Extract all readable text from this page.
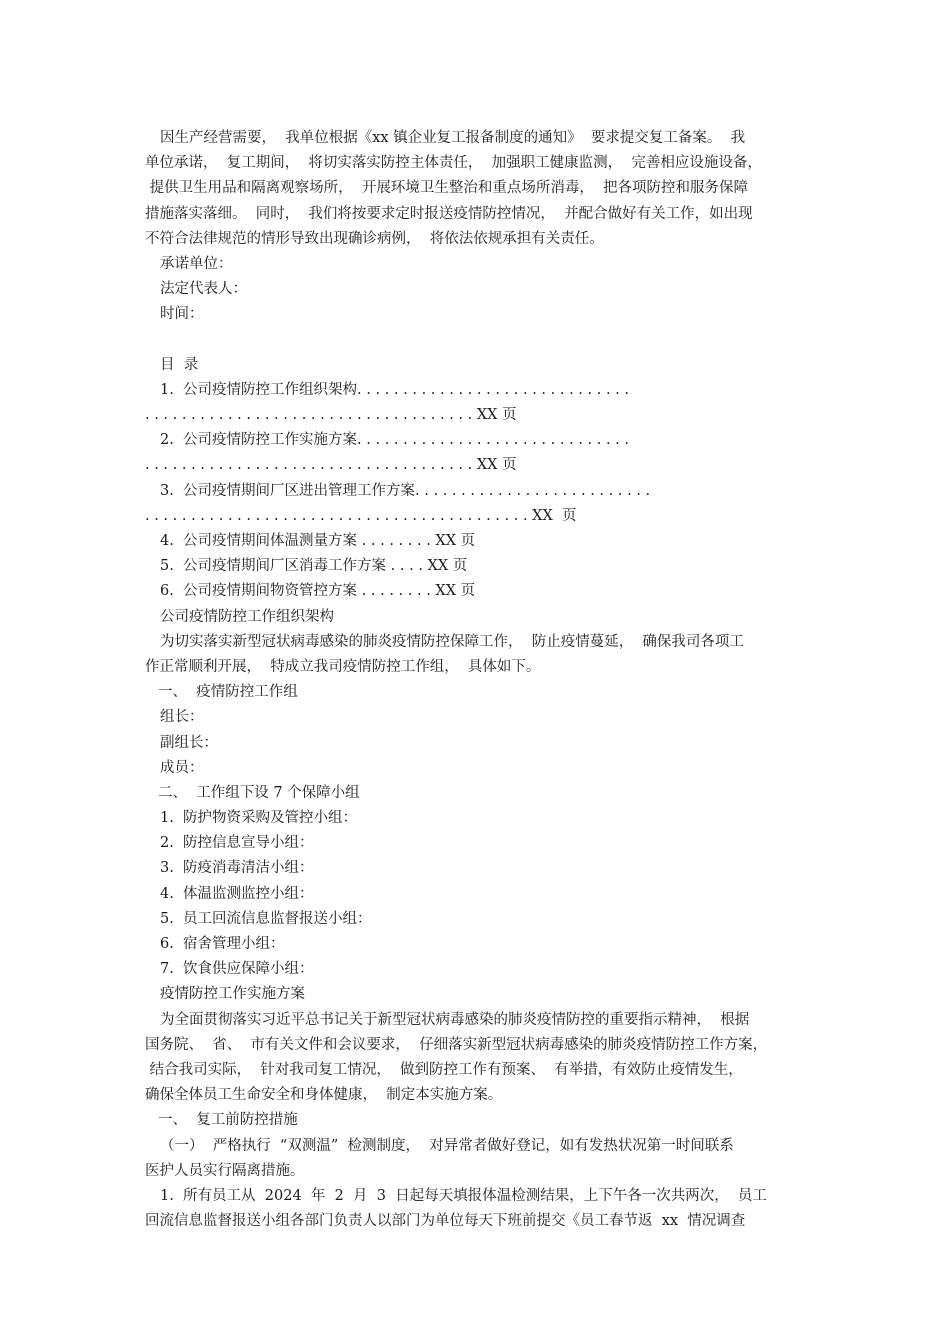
因生产经营需要，  我单位根据《xx 镇企业复工报备制度的通知》  要求提交复工备案。  我
单位承诺，  复工期间，  将切实落实防控主体责任，  加强职工健康监测，  完善相应设施设备，
提供卫生用品和隔离观察场所，  开展环境卫生整治和重点场所消毒，  把各项防控和服务保障
措施落实落细。  同时，  我们将按要求定时报送疫情防控情况，  并配合做好有关工作，如出现
不符合法律规范的情形导致出现确诊病例，  将依法依规承担有关责任。
承诺单位：
法定代表人：
时间：
目  录
1.  公司疫情防控工作组织架构. . . . . . . . . . . . . . . . . . . . . . . . . . . . . .
. . . . . . . . . . . . . . . . . . . . . . . . . . . . . . . . . . . . XX 页
2.  公司疫情防控工作实施方案. . . . . . . . . . . . . . . . . . . . . . . . . . . . . .
. . . . . . . . . . . . . . . . . . . . . . . . . . . . . . . . . . . . XX 页
3.  公司疫情期间厂区进出管理工作方案. . . . . . . . . . . . . . . . . . . . . . . . . .
. . . . . . . . . . . . . . . . . . . . . . . . . . . . . . . . . . . . . . . . . . XX  页
4.  公司疫情期间体温测量方案 . . . . . . . . XX 页
5.  公司疫情期间厂区消毒工作方案 . . . . XX 页
6.  公司疫情期间物资管控方案 . . . . . . . . XX 页
公司疫情防控工作组织架构
为切实落实新型冠状病毒感染的肺炎疫情防控保障工作，  防止疫情蔓延，  确保我司各项工
作正常顺利开展，  特成立我司疫情防控工作组，  具体如下。
一、  疫情防控工作组
组长：
副组长：
成员：
二、  工作组下设 7 个保障小组
1.  防护物资采购及管控小组：
2.  防控信息宣导小组：
3.  防疫消毒清洁小组：
4.  体温监测监控小组：
5.  员工回流信息监督报送小组：
6.  宿舍管理小组：
7.  饮食供应保障小组：
疫情防控工作实施方案
为全面贯彻落实习近平总书记关于新型冠状病毒感染的肺炎疫情防控的重要指示精神，  根据
国务院、  省、  市有关文件和会议要求，  仔细落实新型冠状病毒感染的肺炎疫情防控工作方案，
结合我司实际，  针对我司复工情况，  做到防控工作有预案、  有举措，有效防止疫情发生，
确保全体员工生命安全和身体健康，  制定本实施方案。
一、  复工前防控措施
（一）  严格执行  “双测温”  检测制度，  对异常者做好登记，如有发热状况第一时间联系
医护人员实行隔离措施。
1.  所有员工从  2024  年  2  月  3  日起每天填报体温检测结果，上下午各一次共两次，  员工
回流信息监督报送小组各部门负责人以部门为单位每天下班前提交《员工春节返  xx  情况调查
